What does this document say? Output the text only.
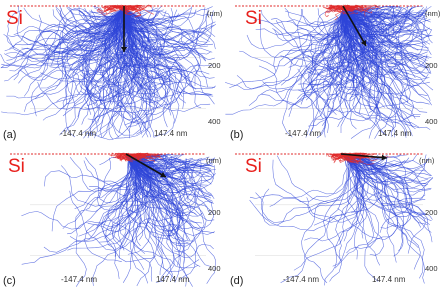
Si	(nm)
200
400
-147.4 nm	147.4 nm
(a)
Si	(nm)
200
400
-147.4 nm	147.4 nm
(b)
Si	(nm)
200
400
-147.4 nm	147.4 nm
(c)
Si	(nm)
200
400
-147.4 nm	147.4 nm
(d)
